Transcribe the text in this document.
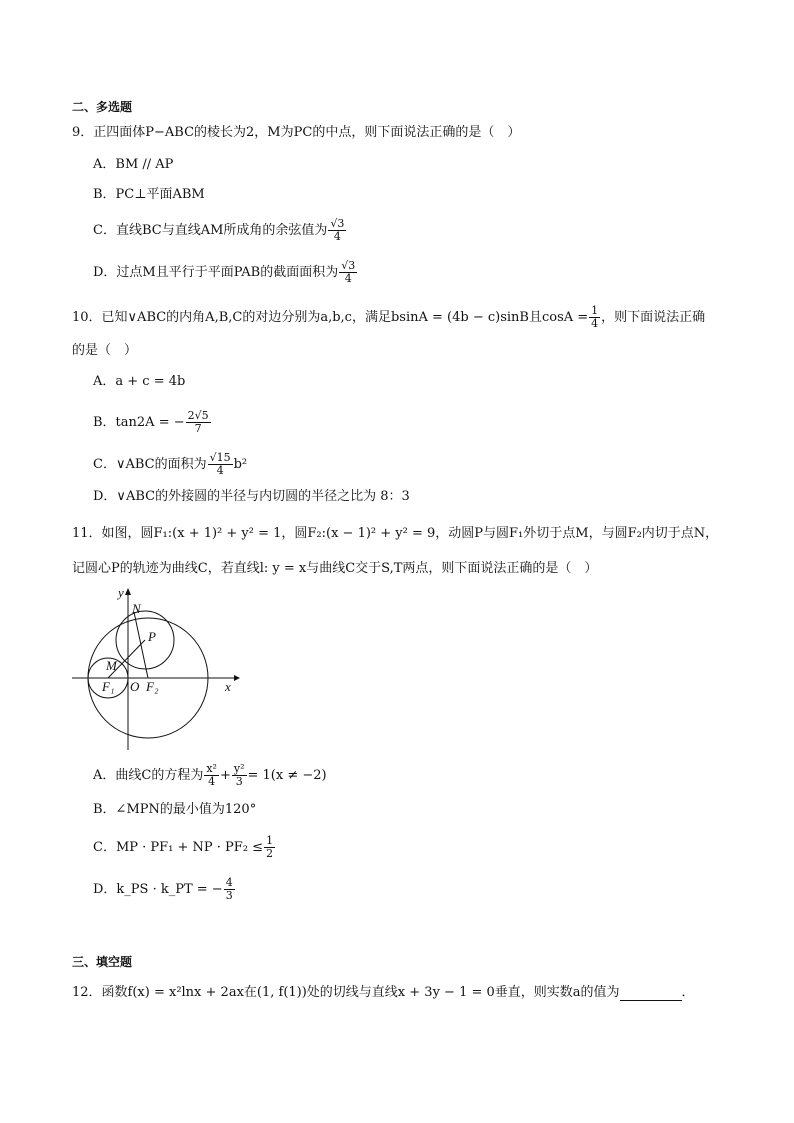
二、多选题
9．正四面体P−ABC的棱长为2，M为PC的中点，则下面说法正确的是（　）
A．BM // AP
B．PC⊥平面ABM
C．直线BC与直线AM所成角的余弦值为 $\frac{√3}{4}$
D．过点M且平行于平面PAB的截面面积为 $\frac{√3}{4}$
10．已知∨ABC的内角A,B,C的对边分别为a,b,c，满足bsinA = (4b − c)sinB且$\cos A = \frac{1}{4}$ ，则下面说法正确
的是（　）
A．a + c = 4b
B．tan2A = − $\frac{2√5}{7}$
C．∨ABC的面积为 $\frac{√15}{4} b^2$
D．∨ABC的外接圆的半径与内切圆的半径之比为 8：3
11．如图，圆F₁:(x + 1)² + y² = 1，圆F₂:(x − 1)² + y² = 9，动圆P与圆F₁外切于点M，与圆F₂内切于点N，
记圆心P的轨迹为曲线C，若直线l: y = x与曲线C交于S,T两点，则下面说法正确的是（　）
y
N
P
M
F₁ O F₂	x
A．曲线C的方程为 $\frac{\text{x²}}{4} + \frac{\text{y²}}{3} = 1(x \ne -2)$
B．∠MPN的最小值为120°
C．MP · PF₁ + NP · $PF_2 \le \frac{1}{2}$
D．k_PS · k_PT = − $\frac{4}{3}$
三、填空题
12．函数f(x) = x²lnx + 2ax在(1, f(1))处的切线与直线x + 3y − 1 = 0垂直，则实数a的值为	．
